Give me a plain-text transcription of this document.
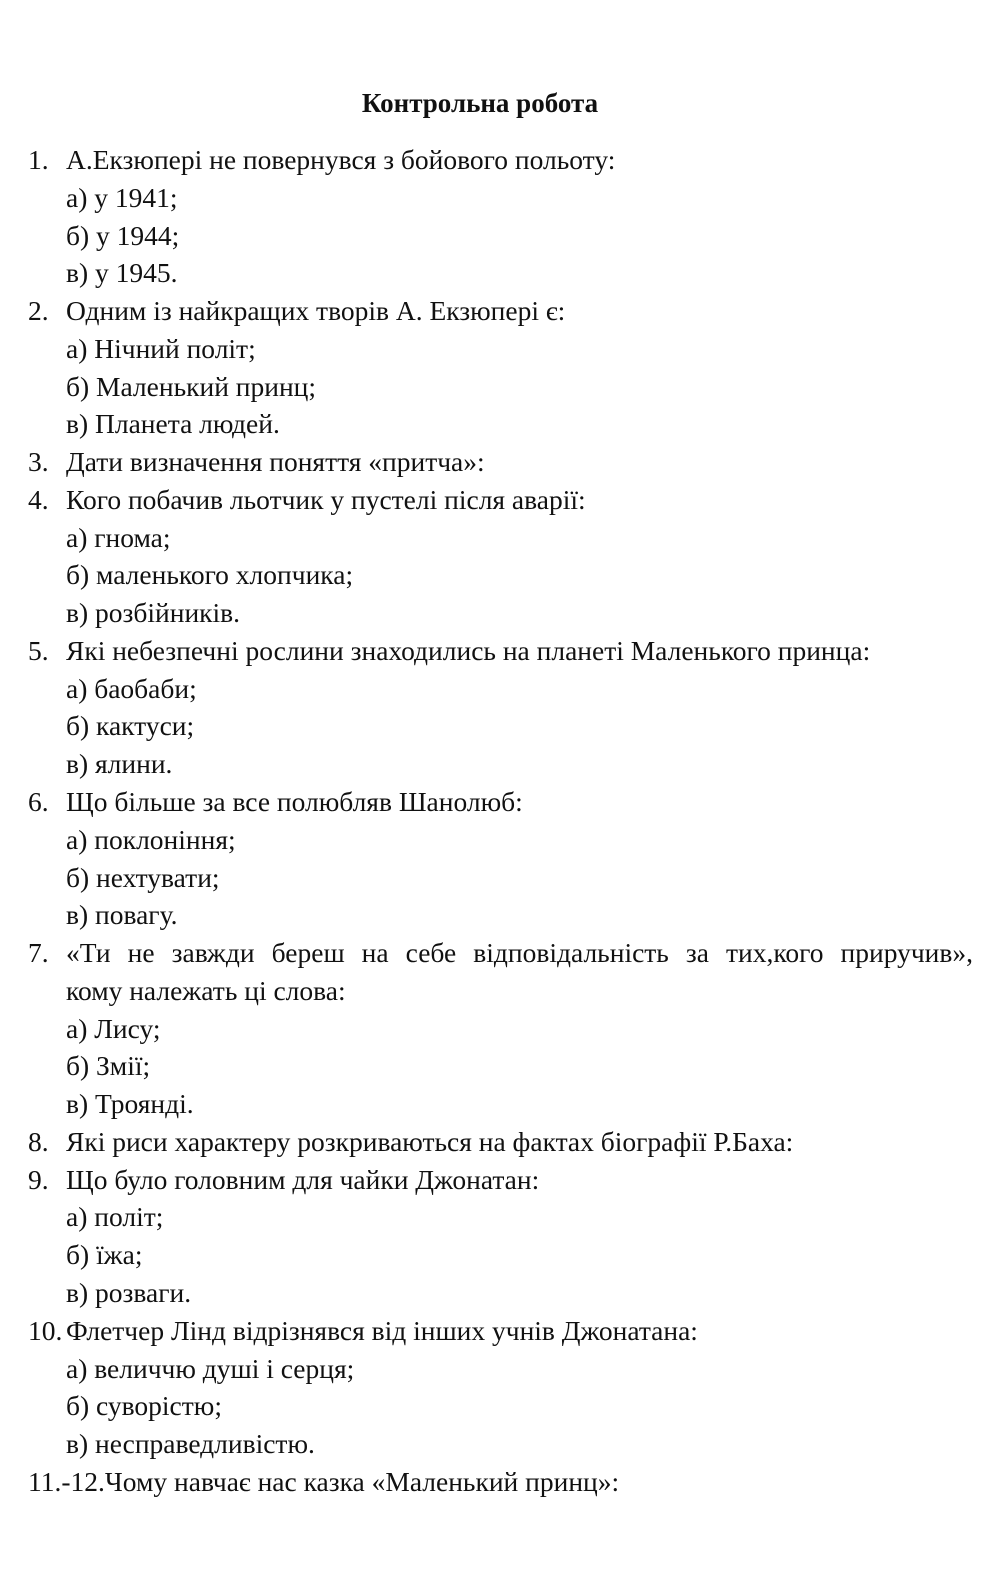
Контрольна робота
1. А.Екзюпері не повернувся з бойового польоту:
а) у 1941;
б) у 1944;
в) у 1945.
2. Одним із найкращих творів А. Екзюпері є:
а) Нічний політ;
б) Маленький принц;
в) Планета людей.
3. Дати визначення поняття «притча»:
4. Кого побачив льотчик у пустелі після аварії:
а) гнома;
б) маленького хлопчика;
в) розбійників.
5. Які небезпечні рослини знаходились на планеті Маленького принца:
а) баобаби;
б) кактуси;
в) ялини.
6. Що більше за все полюбляв Шанолюб:
а) поклоніння;
б) нехтувати;
в) повагу.
7. «Ти не завжди береш на себе відповідальність за тих,кого приручив»,
кому належать ці слова:
а) Лису;
б) Змії;
в) Троянді.
8. Які риси характеру розкриваються на фактах біографії Р.Баха:
9. Що було головним для чайки Джонатан:
а) політ;
б) їжа;
в) розваги.
10. Флетчер Лінд відрізнявся від інших учнів Джонатана:
а) величчю душі і серця;
б) суворістю;
в) несправедливістю.
11.-12.Чому навчає нас казка «Маленький принц»:
